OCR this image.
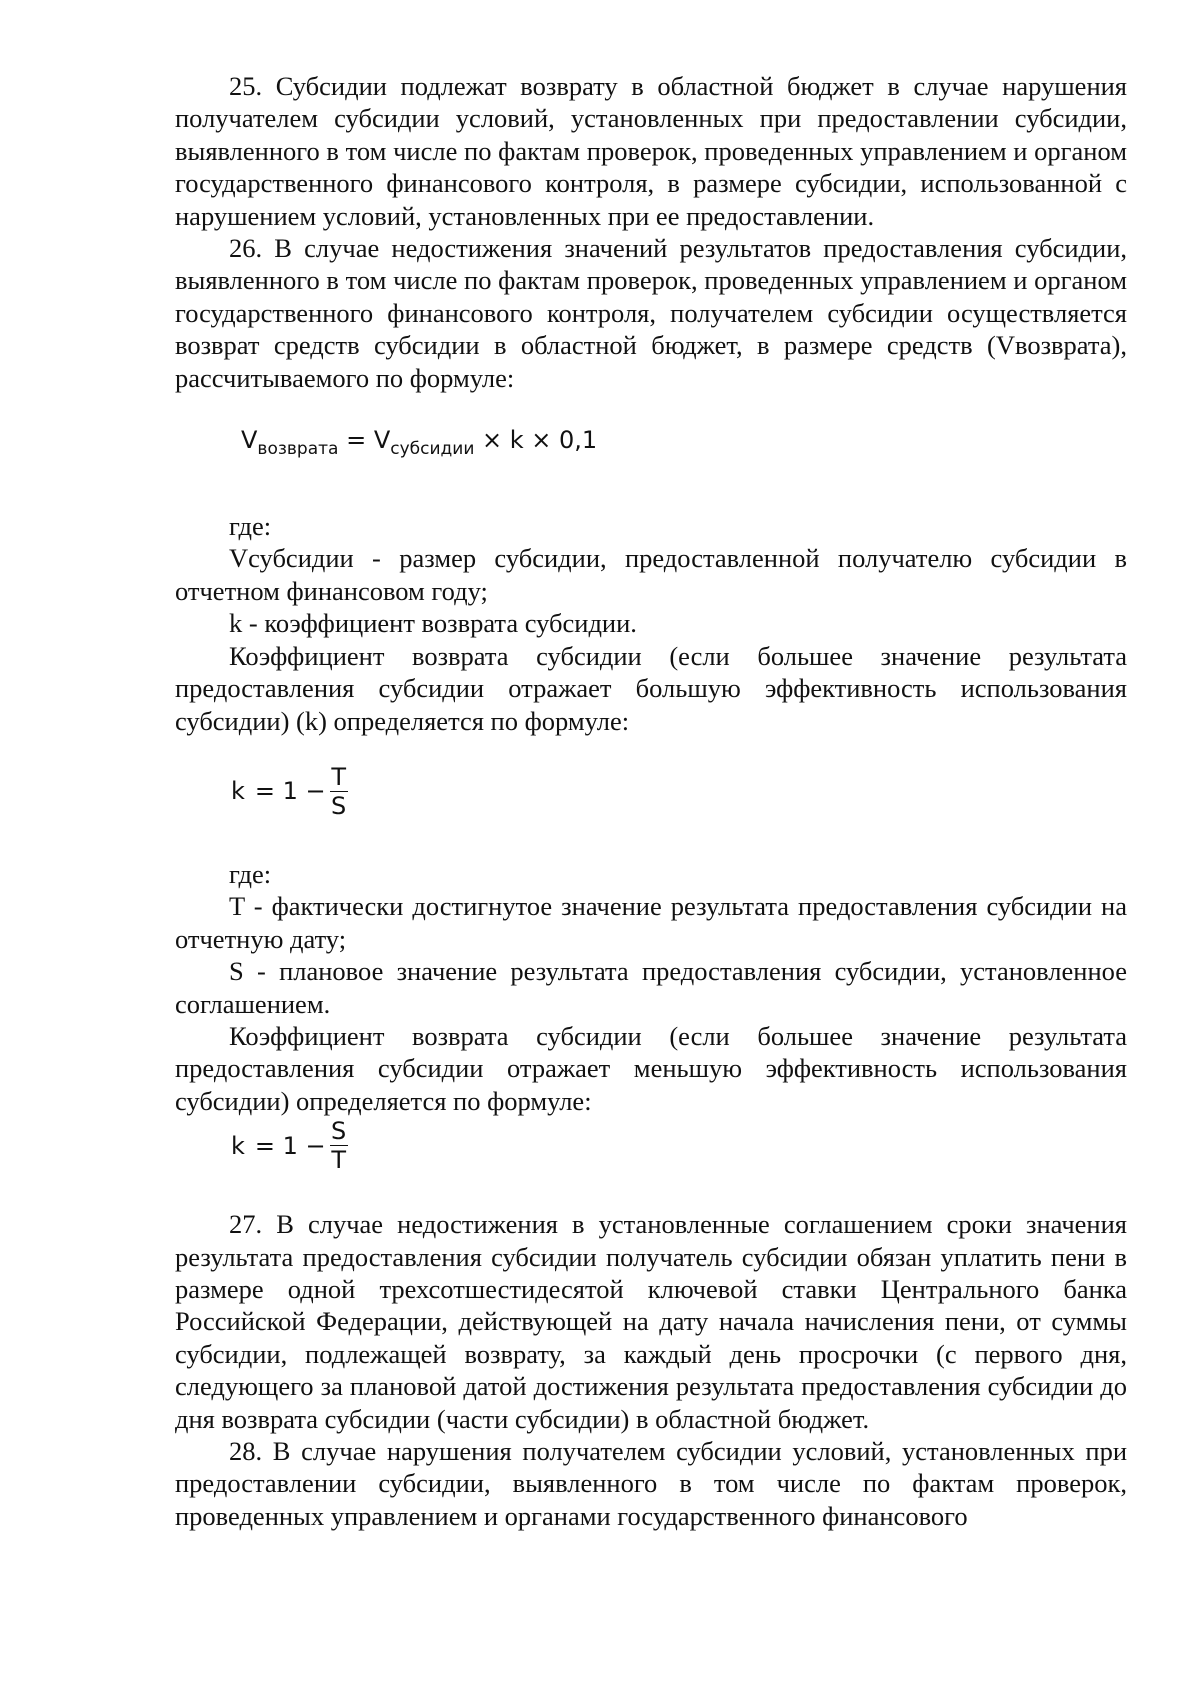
25. Субсидии подлежат возврату в областной бюджет в случае нарушения получателем субсидии условий, установленных при предоставлении субсидии, выявленного в том числе по фактам проверок, проведенных управлением и органом государственного финансового контроля, в размере субсидии, использованной с нарушением условий, установленных при ее предоставлении.

26. В случае недостижения значений результатов предоставления субсидии, выявленного в том числе по фактам проверок, проведенных управлением и органом государственного финансового контроля, получателем субсидии осуществляется возврат средств субсидии в областной бюджет, в размере средств (Vвозврата), рассчитываемого по формуле:

$V_{возврата} = V_{субсидии} \times k \times 0,1$

где:

Vсубсидии - размер субсидии, предоставленной получателю субсидии в отчетном финансовом году;

k - коэффициент возврата субсидии.

Коэффициент возврата субсидии (если большее значение результата предоставления субсидии отражает большую эффективность использования субсидии) (k) определяется по формуле:

$k = 1 - \frac{T}{S}$

где:

T - фактически достигнутое значение результата предоставления субсидии на отчетную дату;

S - плановое значение результата предоставления субсидии, установленное соглашением.

Коэффициент возврата субсидии (если большее значение результата предоставления субсидии отражает меньшую эффективность использования субсидии) определяется по формуле:

$k = 1 - \frac{S}{T}$

27. В случае недостижения в установленные соглашением сроки значения результата предоставления субсидии получатель субсидии обязан уплатить пени в размере одной трехсотшестидесятой ключевой ставки Центрального банка Российской Федерации, действующей на дату начала начисления пени, от суммы субсидии, подлежащей возврату, за каждый день просрочки (с первого дня, следующего за плановой датой достижения результата предоставления субсидии до дня возврата субсидии (части субсидии) в областной бюджет.

28. В случае нарушения получателем субсидии условий, установленных при предоставлении субсидии, выявленного в том числе по фактам проверок, проведенных управлением и органами государственного финансового
